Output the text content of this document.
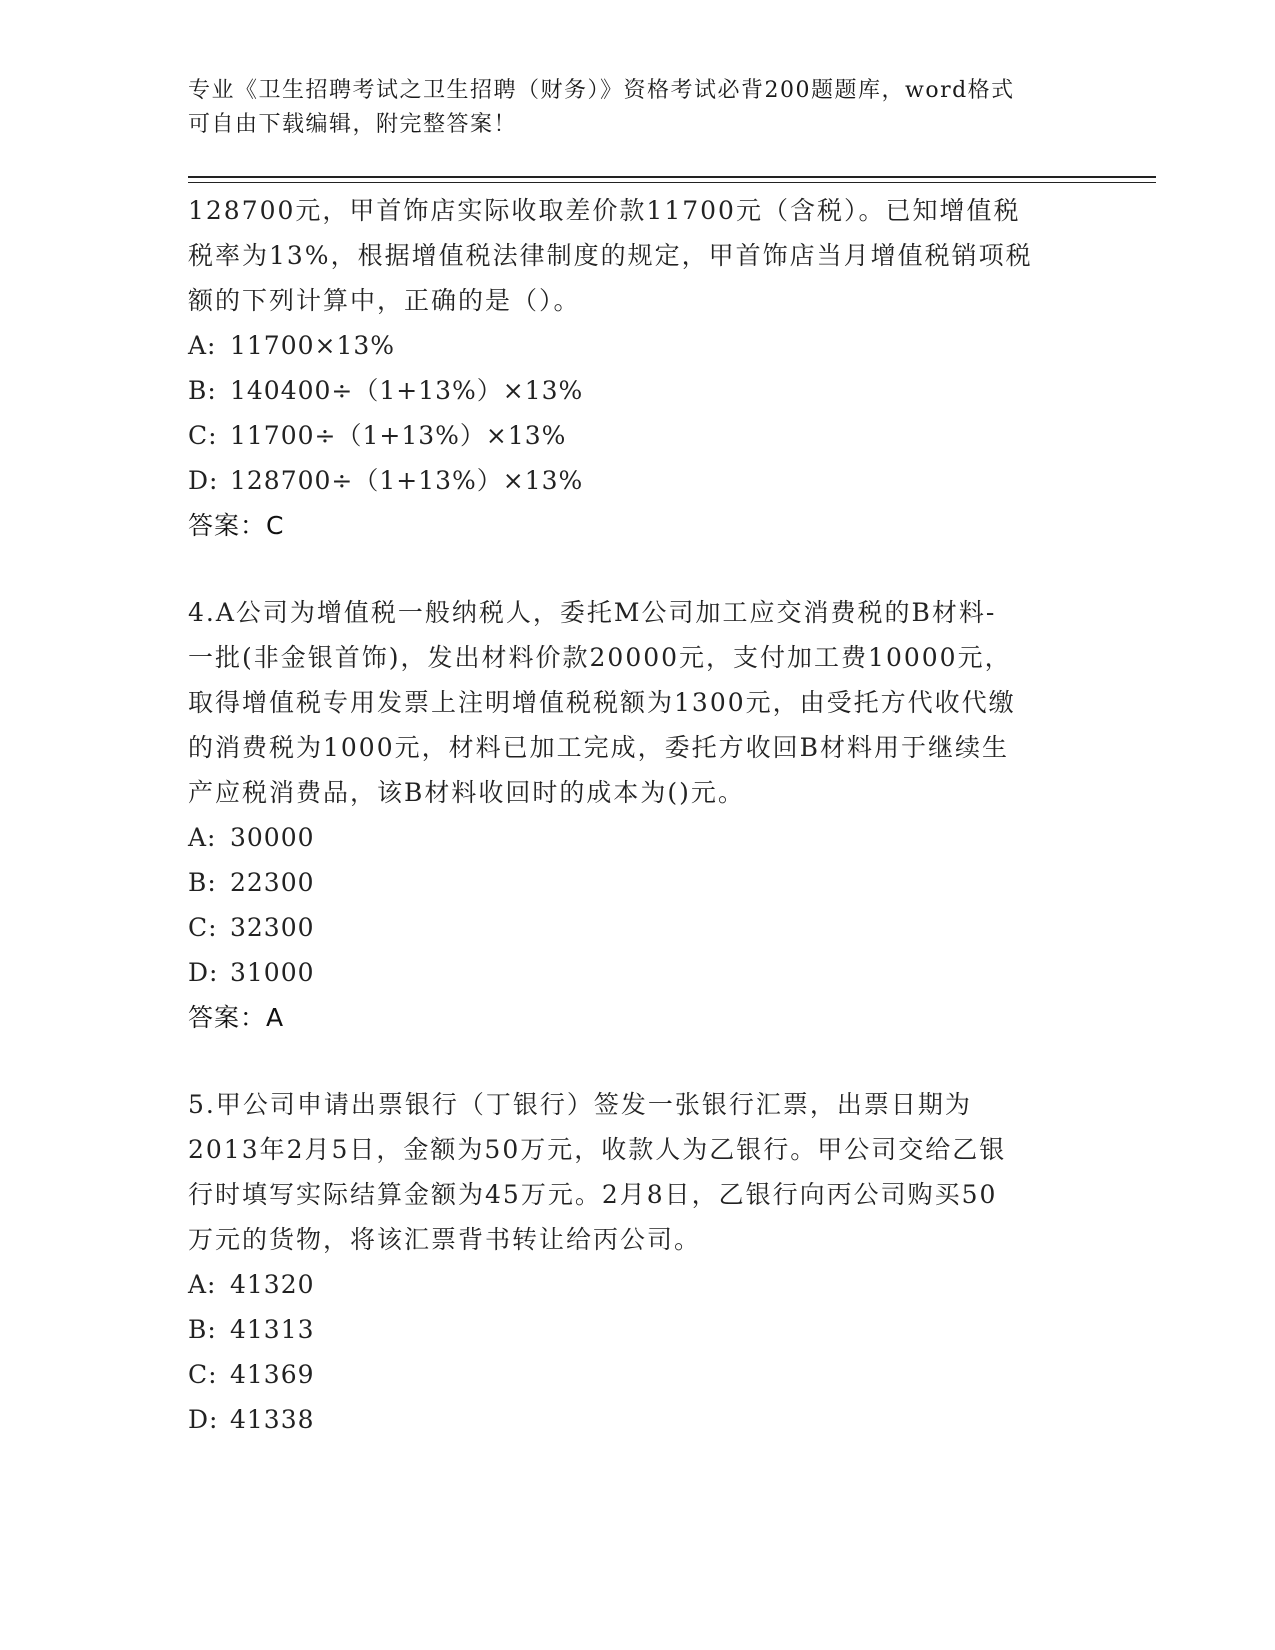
专业《卫生招聘考试之卫生招聘（财务）》资格考试必背200题题库，word格式
可自由下载编辑，附完整答案！

128700元，甲首饰店实际收取差价款11700元（含税）。已知增值税

税率为13%，根据增值税法律制度的规定，甲首饰店当月增值税销项税

额的下列计算中，正确的是（）。

A: 11700×13%

B: 140400÷（1+13%）×13%

C: 11700÷（1+13%）×13%

D: 128700÷（1+13%）×13%

答案：C

4.A公司为增值税一般纳税人，委托M公司加工应交消费税的B材料-

一批(非金银首饰)，发出材料价款20000元，支付加工费10000元，

取得增值税专用发票上注明增值税税额为1300元，由受托方代收代缴

的消费税为1000元，材料已加工完成，委托方收回B材料用于继续生

产应税消费品，该B材料收回时的成本为()元。

A: 30000

B: 22300

C: 32300

D: 31000

答案：A

5.甲公司申请出票银行（丁银行）签发一张银行汇票，出票日期为

2013年2月5日，金额为50万元，收款人为乙银行。甲公司交给乙银

行时填写实际结算金额为45万元。2月8日，乙银行向丙公司购买50

万元的货物，将该汇票背书转让给丙公司。

A: 41320

B: 41313

C: 41369

D: 41338
